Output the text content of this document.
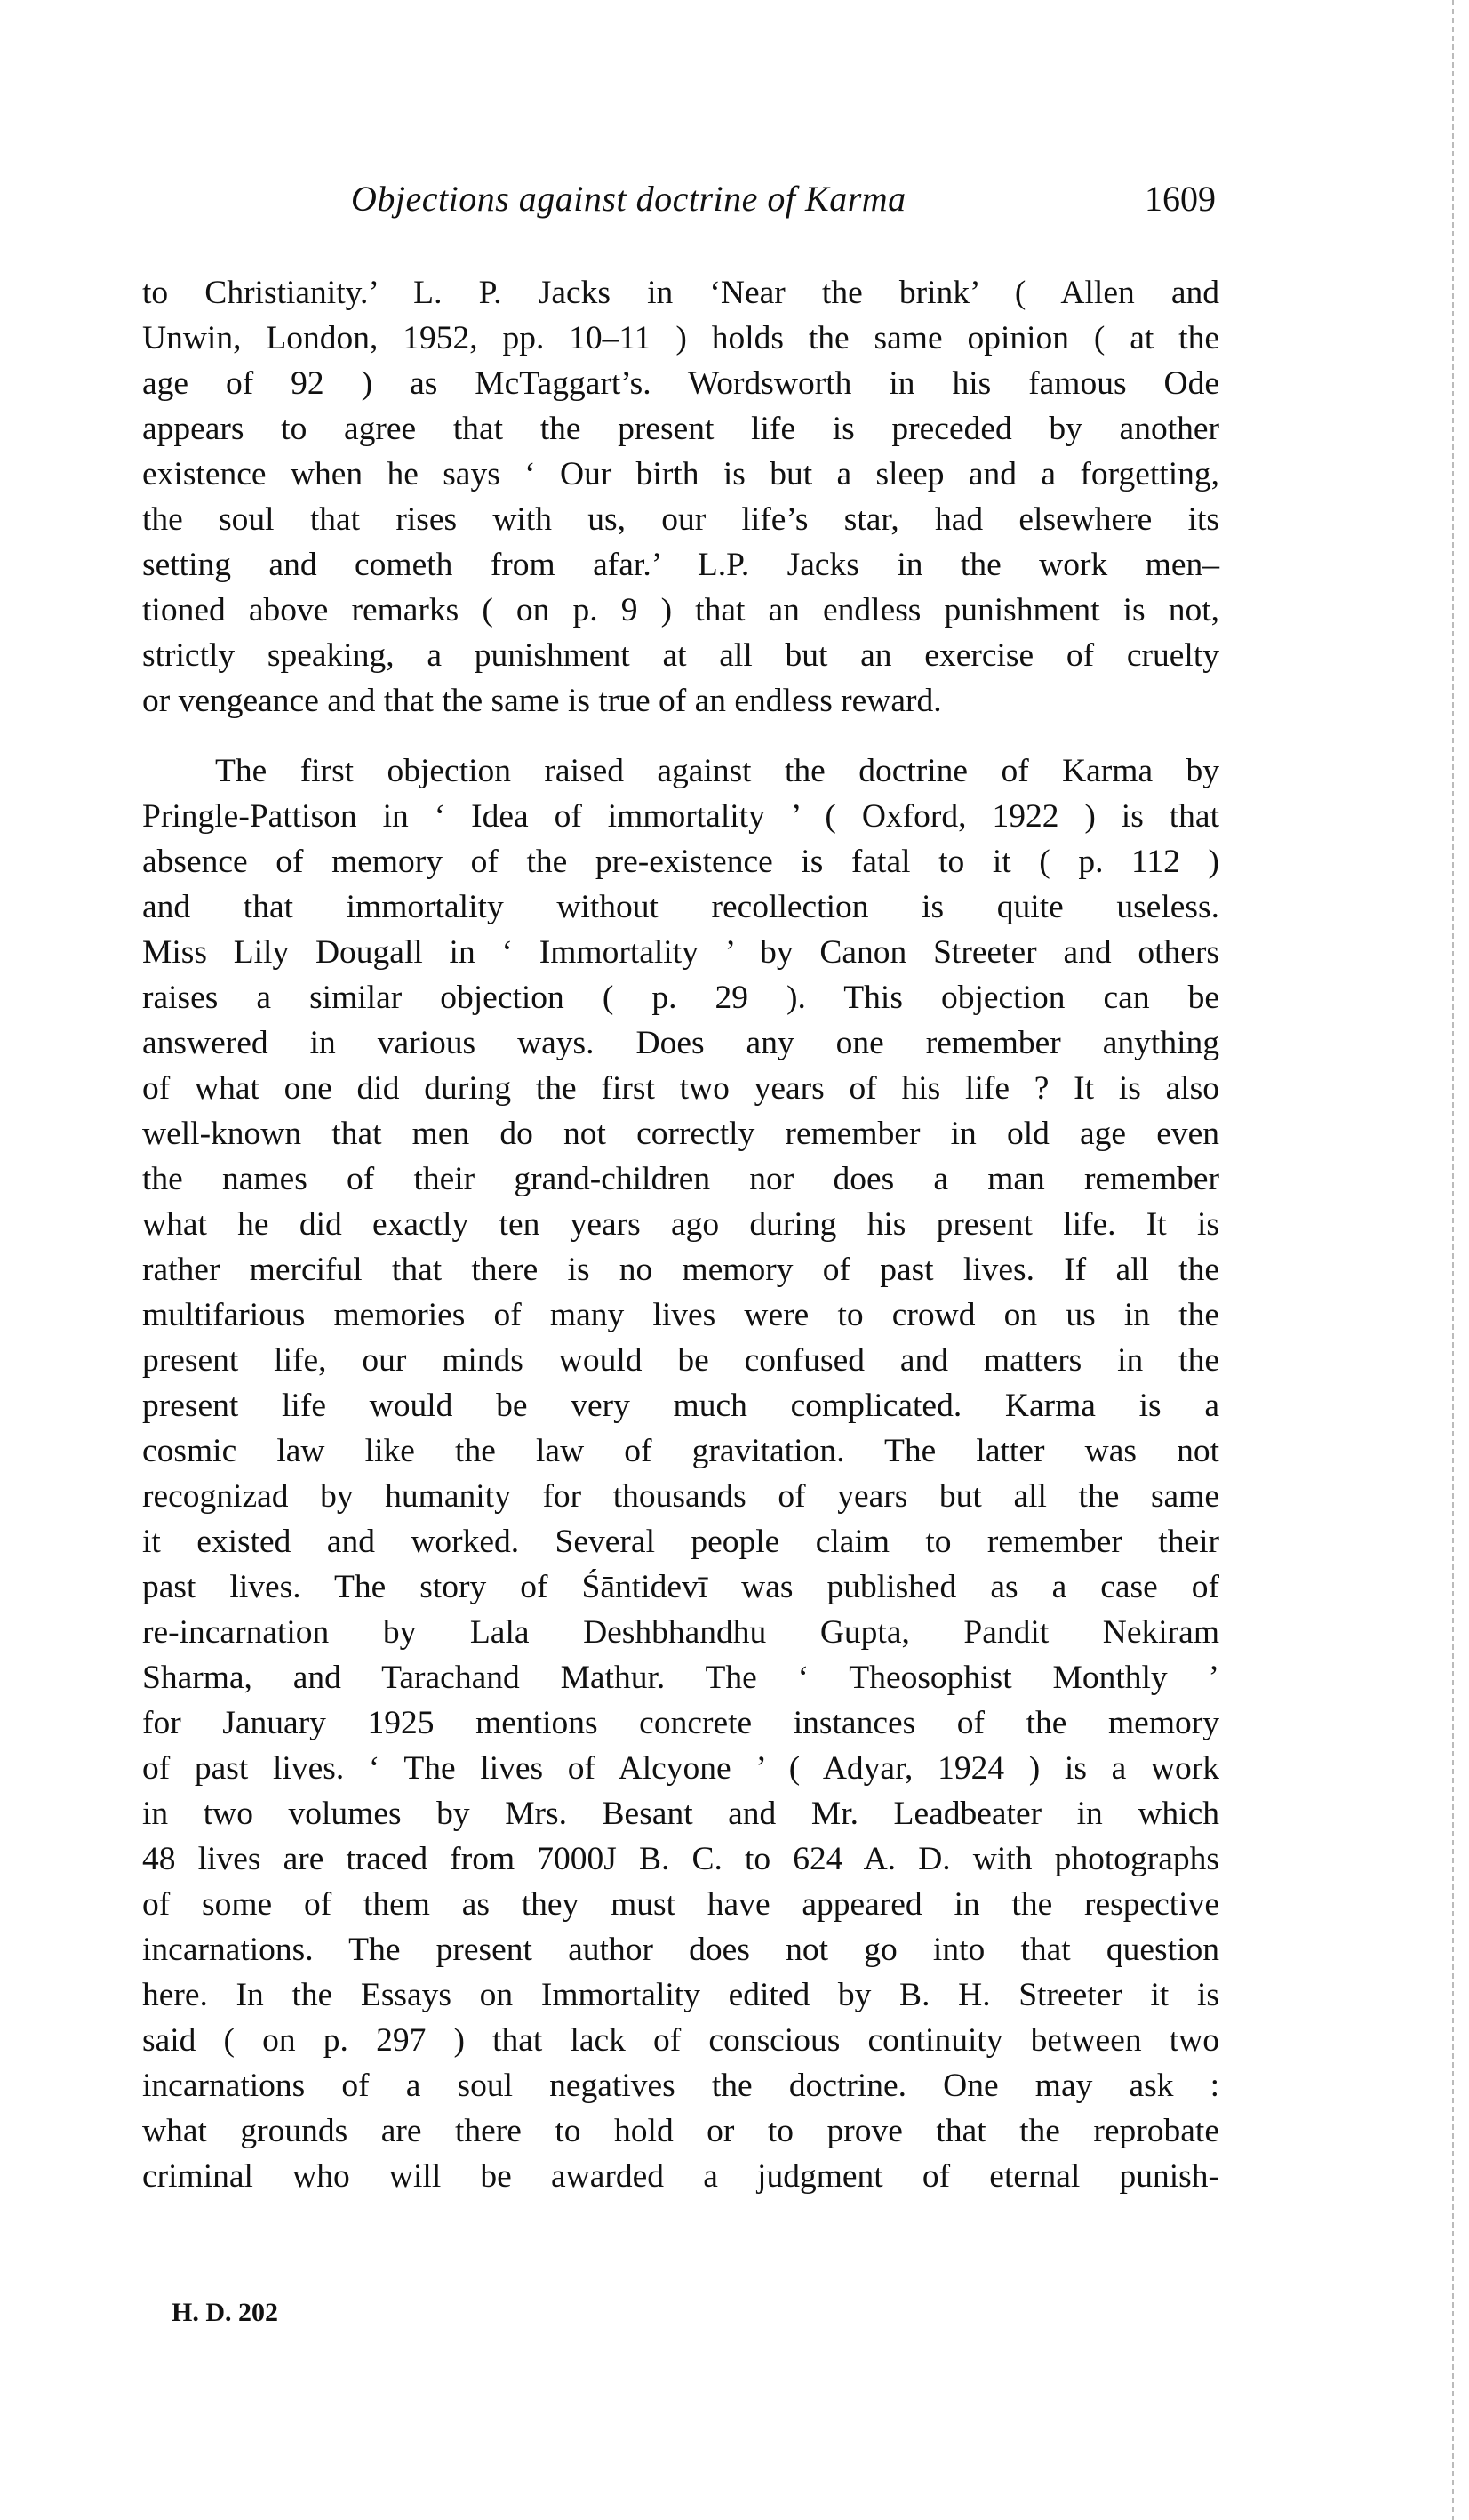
Objections against doctrine of Karma	1609
to Christianity.’ L. P. Jacks in ‘Near the brink’ ( Allen and
Unwin, London, 1952, pp. 10–11 ) holds the same opinion ( at the
age of 92 ) as McTaggart’s. Wordsworth in his famous Ode
appears to agree that the present life is preceded by another
existence when he says ‘ Our birth is but a sleep and a forgetting,
the soul that rises with us, our life’s star, had elsewhere its
setting and cometh from afar.’ L.P. Jacks in the work men–
tioned above remarks ( on p. 9 ) that an endless punishment is not,
strictly speaking, a punishment at all but an exercise of cruelty
or vengeance and that the same is true of an endless reward.
The first objection raised against the doctrine of Karma by
Pringle-Pattison in ‘ Idea of immortality ’ ( Oxford, 1922 ) is that
absence of memory of the pre-existence is fatal to it ( p. 112 )
and that immortality without recollection is quite useless.
Miss Lily Dougall in ‘ Immortality ’ by Canon Streeter and others
raises a similar objection ( p. 29 ). This objection can be
answered in various ways. Does any one remember anything
of what one did during the first two years of his life ? It is also
well-known that men do not correctly remember in old age even
the names of their grand-children nor does a man remember
what he did exactly ten years ago during his present life. It is
rather merciful that there is no memory of past lives. If all the
multifarious memories of many lives were to crowd on us in the
present life, our minds would be confused and matters in the
present life would be very much complicated. Karma is a
cosmic law like the law of gravitation. The latter was not
recognizad by humanity for thousands of years but all the same
it existed and worked. Several people claim to remember their
past lives. The story of Śāntidevī was published as a case of
re-incarnation by Lala Deshbhandhu Gupta, Pandit Nekiram
Sharma, and Tarachand Mathur. The ‘ Theosophist Monthly ’
for January 1925 mentions concrete instances of the memory
of past lives. ‘ The lives of Alcyone ’ ( Adyar, 1924 ) is a work
in two volumes by Mrs. Besant and Mr. Leadbeater in which
48 lives are traced from 7000J B. C. to 624 A. D. with photographs
of some of them as they must have appeared in the respective
incarnations. The present author does not go into that question
here. In the Essays on Immortality edited by B. H. Streeter it is
said ( on p. 297 ) that lack of conscious continuity between two
incarnations of a soul negatives the doctrine. One may ask :
what grounds are there to hold or to prove that the reprobate
criminal who will be awarded a judgment of eternal punish-
H. D. 202
